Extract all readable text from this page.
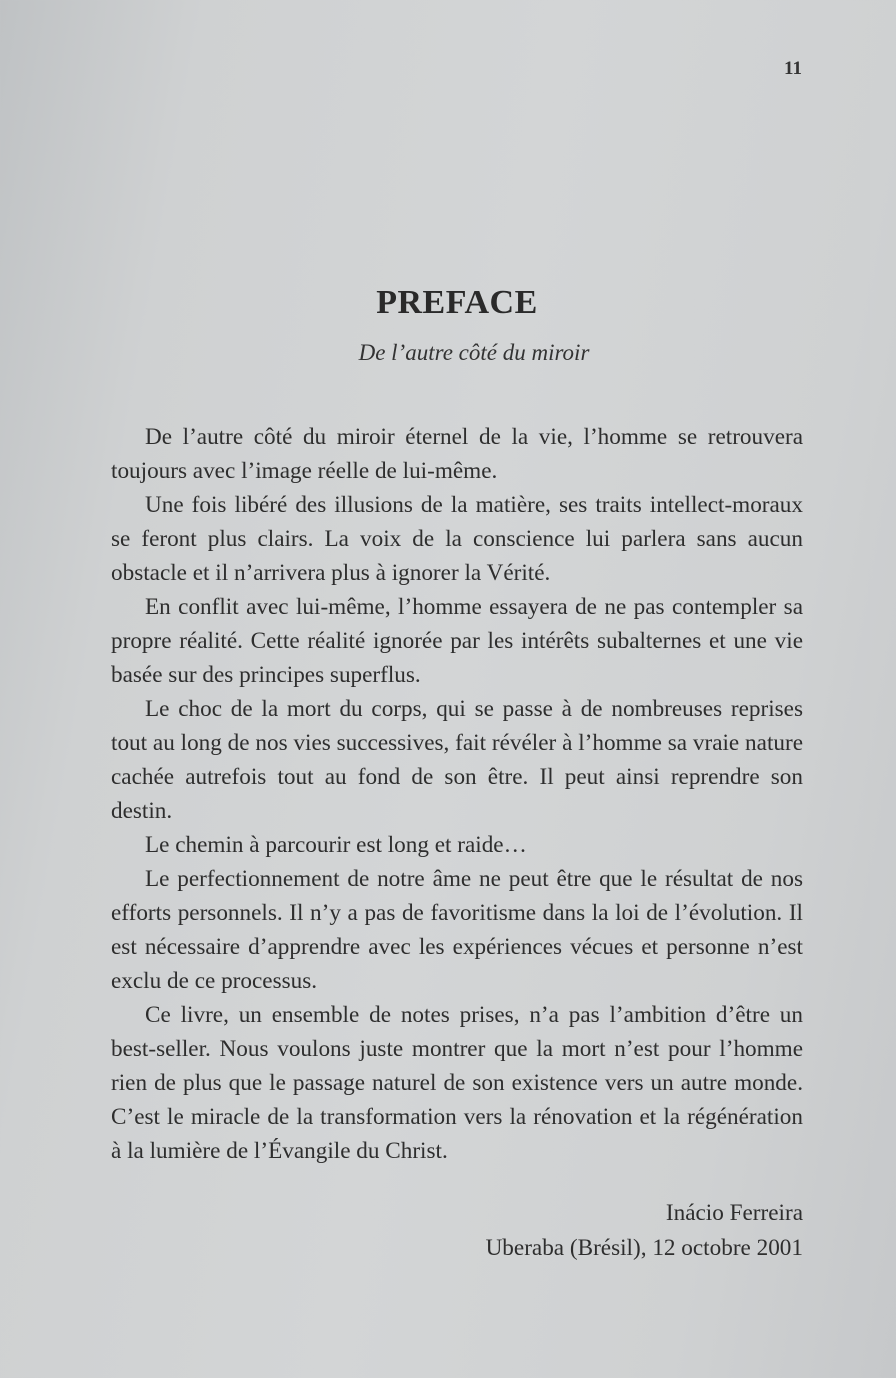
11
PREFACE
De l’autre côté du miroir

De l’autre côté du miroir éternel de la vie, l’homme se retrouvera toujours avec l’image réelle de lui-même.

Une fois libéré des illusions de la matière, ses traits intellect-moraux se feront plus clairs. La voix de la conscience lui parlera sans aucun obstacle et il n’arrivera plus à ignorer la Vérité.

En conflit avec lui-même, l’homme essayera de ne pas contempler sa propre réalité. Cette réalité ignorée par les intérêts subalternes et une vie basée sur des principes superflus.

Le choc de la mort du corps, qui se passe à de nombreuses reprises tout au long de nos vies successives, fait révéler à l’homme sa vraie nature cachée autrefois tout au fond de son être. Il peut ainsi reprendre son destin.

Le chemin à parcourir est long et raide…

Le perfectionnement de notre âme ne peut être que le résultat de nos efforts personnels. Il n’y a pas de favoritisme dans la loi de l’évolution. Il est nécessaire d’apprendre avec les expériences vécues et personne n’est exclu de ce processus.

Ce livre, un ensemble de notes prises, n’a pas l’ambition d’être un best-seller. Nous voulons juste montrer que la mort n’est pour l’homme rien de plus que le passage naturel de son existence vers un autre monde. C’est le miracle de la transformation vers la rénovation et la régénération à la lumière de l’Évangile du Christ.

Inácio Ferreira
Uberaba (Brésil), 12 octobre 2001
